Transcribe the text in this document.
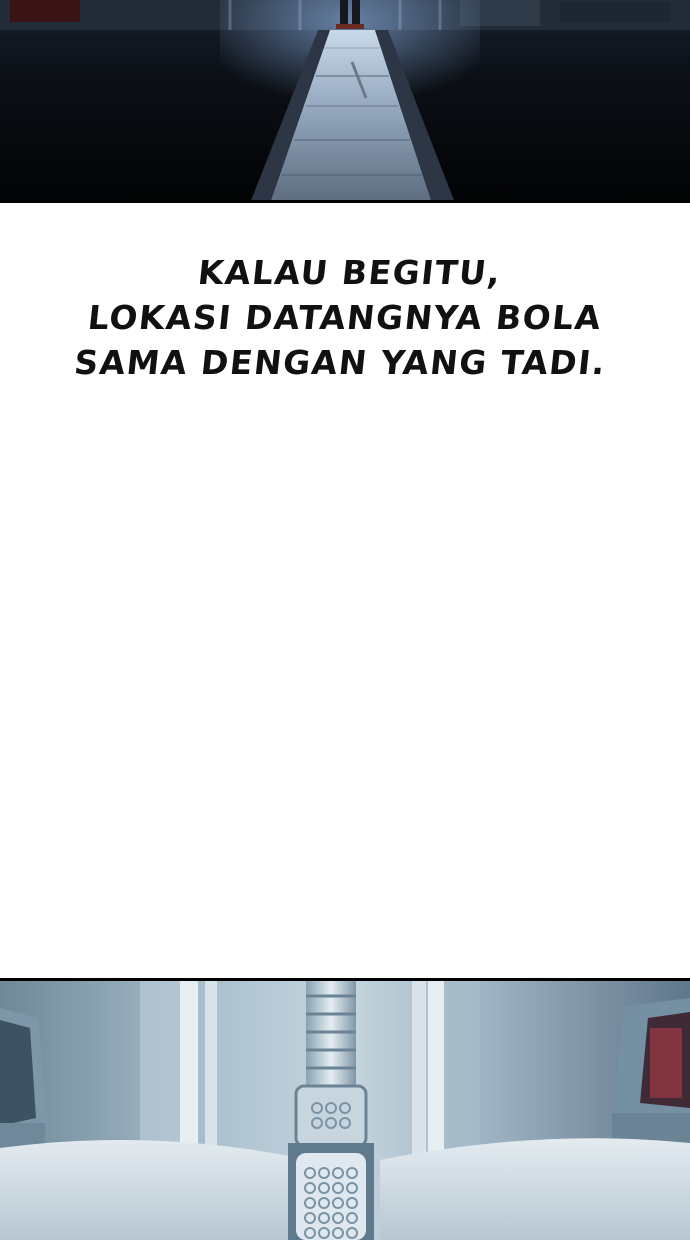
KALAU BEGITU,
LOKASI DATANGNYA BOLA
SAMA DENGAN YANG TADI.
